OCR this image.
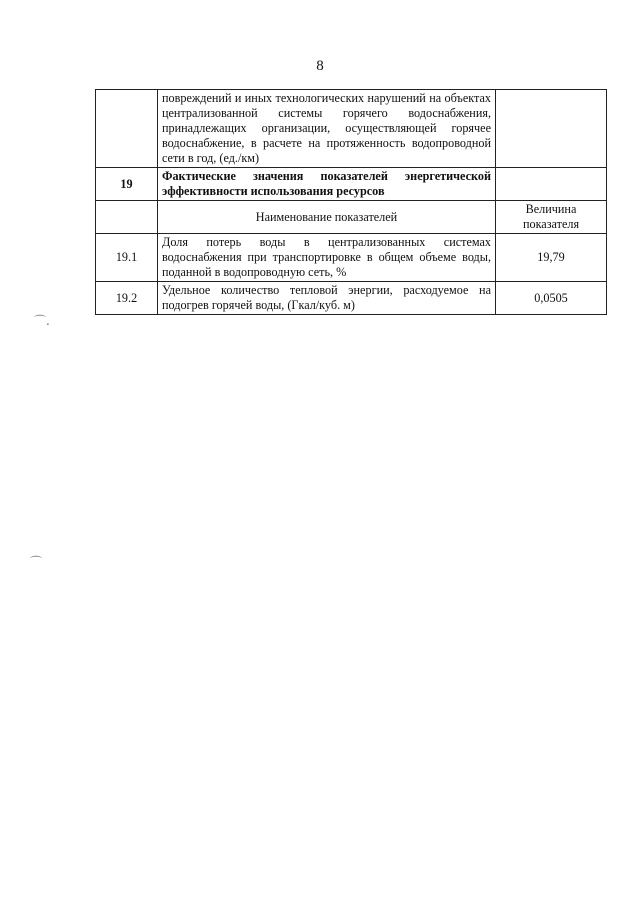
8
	повреждений и иных технологических нарушений на объектах централизованной системы горячего водоснабжения, принадлежащих организации, осуществляющей горячее водоснабжение, в расчете на протяженность водопроводной сети в год, (ед./км)	
19	Фактические значения показателей энергетической эффективности использования ресурсов	
	Наименование показателей	Величина показателя
19.1	Доля потерь воды в централизованных системах водоснабжения при транспортировке в общем объеме воды, поданной в водопроводную сеть, %	19,79
19.2	Удельное количество тепловой энергии, расходуемое на подогрев горячей воды, (Гкал/куб. м)	0,0505
⌒.
⌒
